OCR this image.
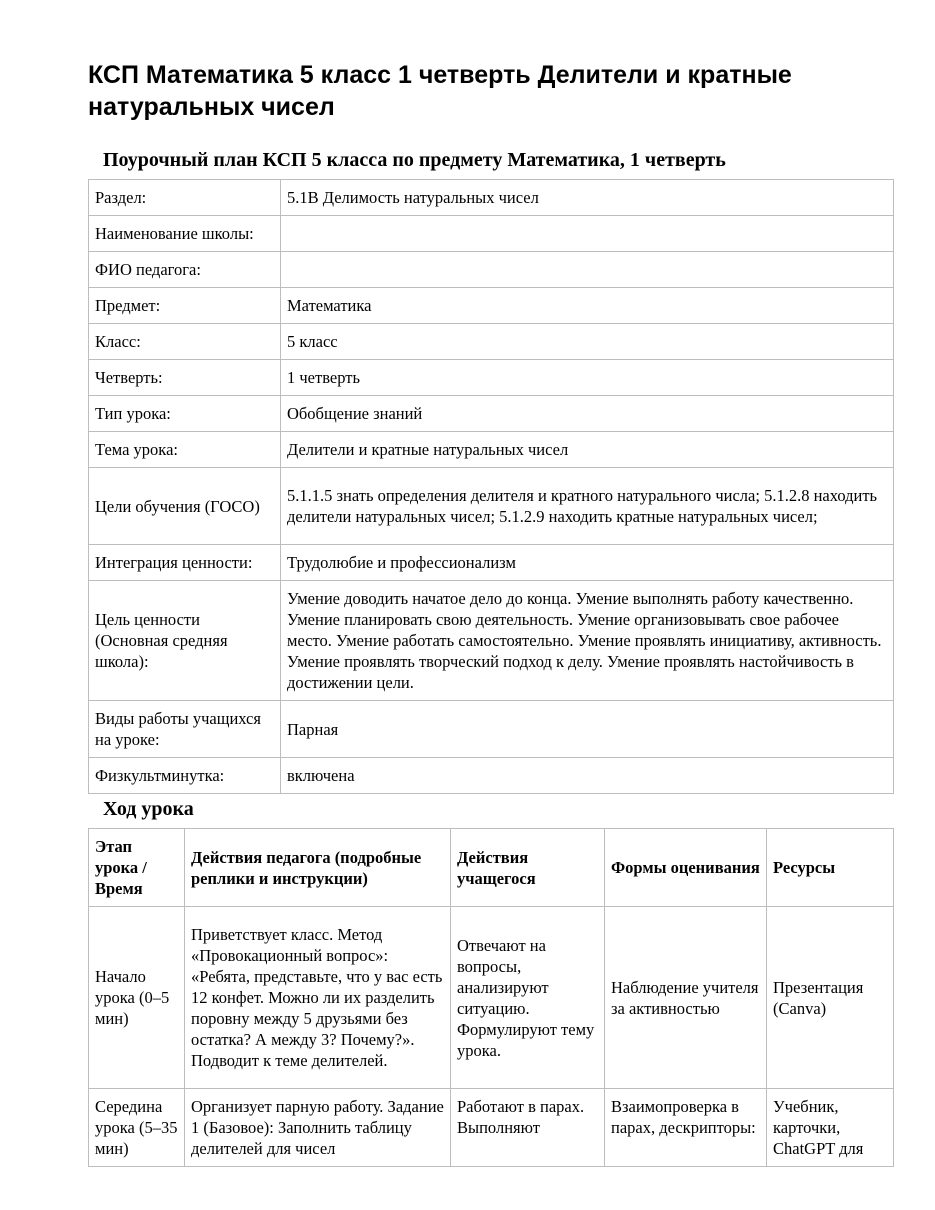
КСП Математика 5 класс 1 четверть Делители и кратные натуральных чисел
Поурочный план КСП 5 класса по предмету Математика, 1 четверть
Раздел:	5.1В Делимость натуральных чисел
Наименование школы:	
ФИО педагога:	
Предмет:	Математика
Класс:	5 класс
Четверть:	1 четверть
Тип урока:	Обобщение знаний
Тема урока:	Делители и кратные натуральных чисел
Цели обучения (ГОСО)	5.1.1.5 знать определения делителя и кратного натурального числа; 5.1.2.8 находить делители натуральных чисел; 5.1.2.9 находить кратные натуральных чисел;
Интеграция ценности:	Трудолюбие и профессионализм
Цель ценности (Основная средняя школа):	Умение доводить начатое дело до конца. Умение выполнять работу качественно. Умение планировать свою деятельность. Умение организовывать свое рабочее место. Умение работать самостоятельно. Умение проявлять инициативу, активность. Умение проявлять творческий подход к делу. Умение проявлять настойчивость в достижении цели.
Виды работы учащихся на уроке:	Парная
Физкультминутка:	включена
Ход урока
Этап урока / Время	Действия педагога (подробные реплики и инструкции)	Действия учащегося	Формы оценивания	Ресурсы
Начало урока (0–5 мин)	Приветствует класс. Метод «Провокационный вопрос»: «Ребята, представьте, что у вас есть 12 конфет. Можно ли их разделить поровну между 5 друзьями без остатка? А между 3? Почему?». Подводит к теме делителей.	Отвечают на вопросы, анализируют ситуацию. Формулируют тему урока.	Наблюдение учителя за активностью	Презентация (Canva)
Середина урока (5–35 мин)	Организует парную работу. Задание 1 (Базовое): Заполнить таблицу делителей для чисел	Работают в парах. Выполняют	Взаимопроверка в парах, дескрипторы:	Учебник, карточки, ChatGPT для
